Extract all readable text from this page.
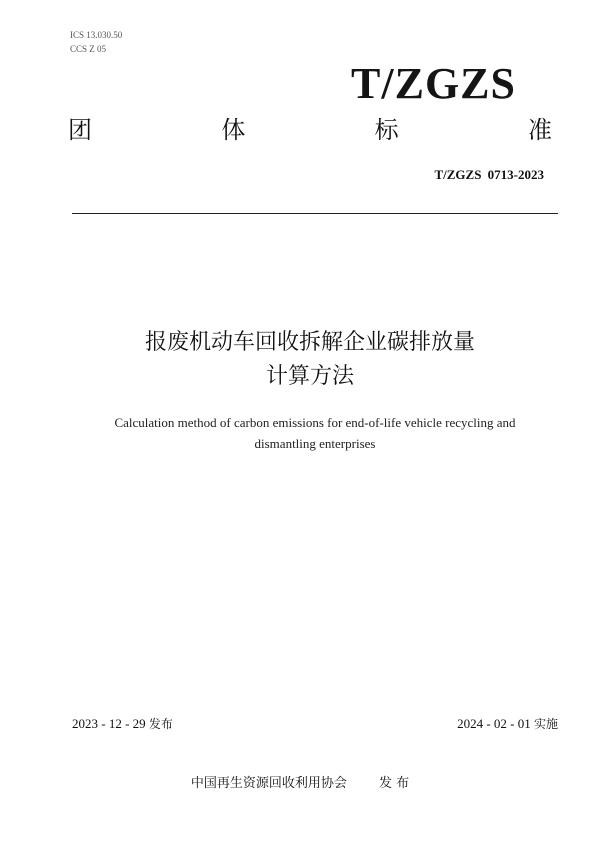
ICS 13.030.50
CCS Z 05
T/ZGZS
团	体	标	准
T/ZGZS 0713-2023
报废机动车回收拆解企业碳排放量
计算方法
Calculation method of carbon emissions for end-of-life vehicle recycling and
dismantling enterprises
2023 - 12 - 29 发布	2024 - 02 - 01 实施
中国再生资源回收利用协会 发 布
